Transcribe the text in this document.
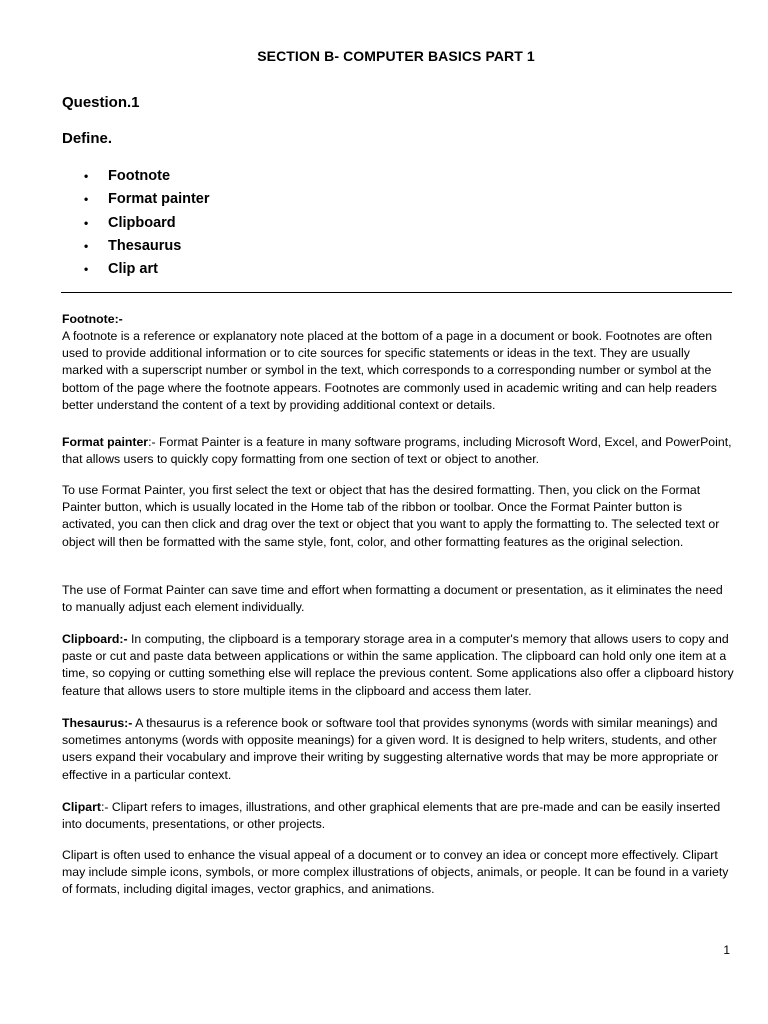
SECTION B- COMPUTER BASICS PART 1
Question.1
Define.
• Footnote
• Format painter
• Clipboard
• Thesaurus
• Clip art

Footnote:-

A footnote is a reference or explanatory note placed at the bottom of a page in a document or book. Footnotes are often used to provide additional information or to cite sources for specific statements or ideas in the text. They are usually marked with a superscript number or symbol in the text, which corresponds to a corresponding number or symbol at the bottom of the page where the footnote appears. Footnotes are commonly used in academic writing and can help readers better understand the content of a text by providing additional context or details.

Format painter:- Format Painter is a feature in many software programs, including Microsoft Word, Excel, and PowerPoint, that allows users to quickly copy formatting from one section of text or object to another.

To use Format Painter, you first select the text or object that has the desired formatting. Then, you click on the Format Painter button, which is usually located in the Home tab of the ribbon or toolbar. Once the Format Painter button is activated, you can then click and drag over the text or object that you want to apply the formatting to. The selected text or object will then be formatted with the same style, font, color, and other formatting features as the original selection.

The use of Format Painter can save time and effort when formatting a document or presentation, as it eliminates the need to manually adjust each element individually.

Clipboard:- In computing, the clipboard is a temporary storage area in a computer's memory that allows users to copy and paste or cut and paste data between applications or within the same application. The clipboard can hold only one item at a time, so copying or cutting something else will replace the previous content. Some applications also offer a clipboard history feature that allows users to store multiple items in the clipboard and access them later.

Thesaurus:- A thesaurus is a reference book or software tool that provides synonyms (words with similar meanings) and sometimes antonyms (words with opposite meanings) for a given word. It is designed to help writers, students, and other users expand their vocabulary and improve their writing by suggesting alternative words that may be more appropriate or effective in a particular context.

Clipart:- Clipart refers to images, illustrations, and other graphical elements that are pre-made and can be easily inserted into documents, presentations, or other projects.

Clipart is often used to enhance the visual appeal of a document or to convey an idea or concept more effectively. Clipart may include simple icons, symbols, or more complex illustrations of objects, animals, or people. It can be found in a variety of formats, including digital images, vector graphics, and animations.

1
